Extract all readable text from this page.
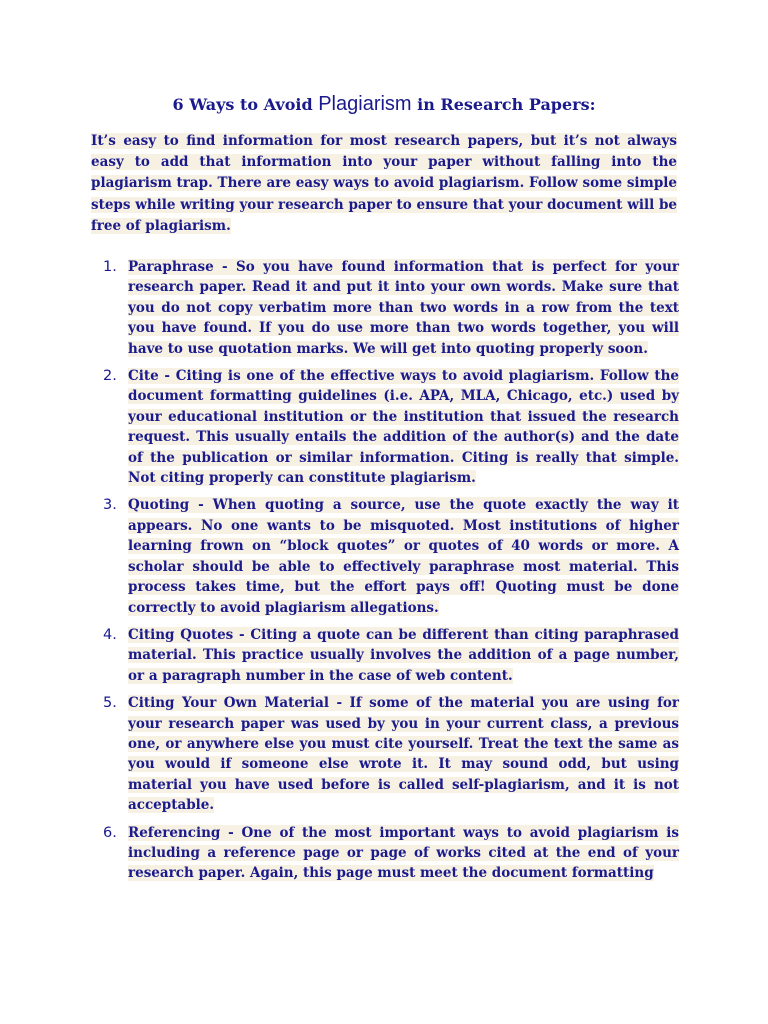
6 Ways to Avoid Plagiarism in Research Papers:

It’s easy to find information for most research papers, but it’s not always easy to add that information into your paper without falling into the plagiarism trap. There are easy ways to avoid plagiarism. Follow some simple steps while writing your research paper to ensure that your document will be free of plagiarism.

1. Paraphrase - So you have found information that is perfect for your research paper. Read it and put it into your own words. Make sure that you do not copy verbatim more than two words in a row from the text you have found. If you do use more than two words together, you will have to use quotation marks. We will get into quoting properly soon.
2. Cite - Citing is one of the effective ways to avoid plagiarism. Follow the document formatting guidelines (i.e. APA, MLA, Chicago, etc.) used by your educational institution or the institution that issued the research request. This usually entails the addition of the author(s) and the date of the publication or similar information. Citing is really that simple. Not citing properly can constitute plagiarism.
3. Quoting - When quoting a source, use the quote exactly the way it appears. No one wants to be misquoted. Most institutions of higher learning frown on “block quotes” or quotes of 40 words or more. A scholar should be able to effectively paraphrase most material. This process takes time, but the effort pays off! Quoting must be done correctly to avoid plagiarism allegations.
4. Citing Quotes - Citing a quote can be different than citing paraphrased material. This practice usually involves the addition of a page number, or a paragraph number in the case of web content.
5. Citing Your Own Material - If some of the material you are using for your research paper was used by you in your current class, a previous one, or anywhere else you must cite yourself. Treat the text the same as you would if someone else wrote it. It may sound odd, but using material you have used before is called self-plagiarism, and it is not acceptable.
6. Referencing - One of the most important ways to avoid plagiarism is including a reference page or page of works cited at the end of your research paper. Again, this page must meet the document formatting
